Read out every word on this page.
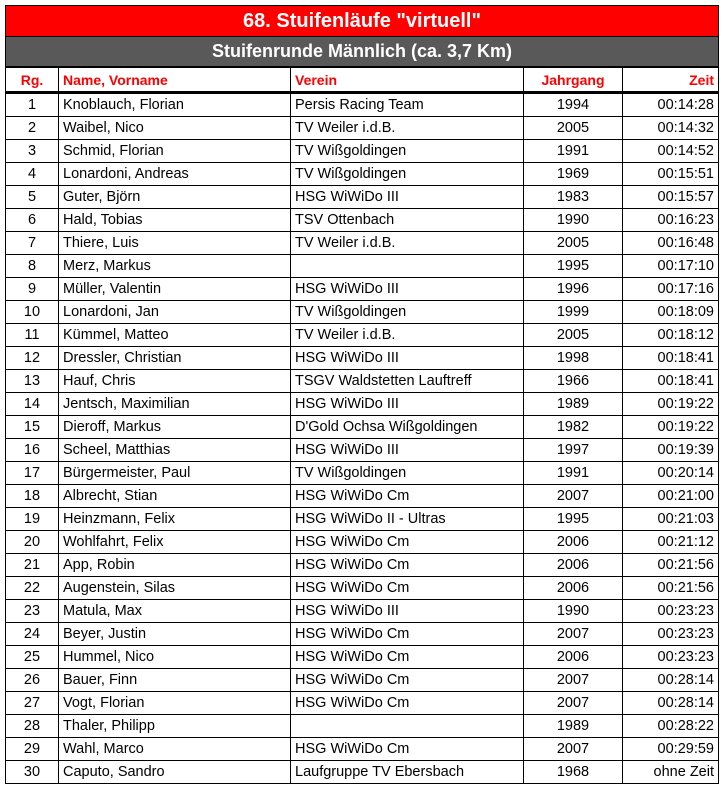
68. Stuifenläufe "virtuell"
Stuifenrunde Männlich (ca. 3,7 Km)
Rg.	Name, Vorname	Verein	Jahrgang	Zeit
1	Knoblauch, Florian	Persis Racing Team	1994	00:14:28
2	Waibel, Nico	TV Weiler i.d.B.	2005	00:14:32
3	Schmid, Florian	TV Wißgoldingen	1991	00:14:52
4	Lonardoni, Andreas	TV Wißgoldingen	1969	00:15:51
5	Guter, Björn	HSG WiWiDo III	1983	00:15:57
6	Hald, Tobias	TSV Ottenbach	1990	00:16:23
7	Thiere, Luis	TV Weiler i.d.B.	2005	00:16:48
8	Merz, Markus		1995	00:17:10
9	Müller, Valentin	HSG WiWiDo III	1996	00:17:16
10	Lonardoni, Jan	TV Wißgoldingen	1999	00:18:09
11	Kümmel, Matteo	TV Weiler i.d.B.	2005	00:18:12
12	Dressler, Christian	HSG WiWiDo III	1998	00:18:41
13	Hauf, Chris	TSGV Waldstetten Lauftreff	1966	00:18:41
14	Jentsch, Maximilian	HSG WiWiDo III	1989	00:19:22
15	Dieroff, Markus	D'Gold Ochsa Wißgoldingen	1982	00:19:22
16	Scheel, Matthias	HSG WiWiDo III	1997	00:19:39
17	Bürgermeister, Paul	TV Wißgoldingen	1991	00:20:14
18	Albrecht, Stian	HSG WiWiDo Cm	2007	00:21:00
19	Heinzmann, Felix	HSG WiWiDo II - Ultras	1995	00:21:03
20	Wohlfahrt, Felix	HSG WiWiDo Cm	2006	00:21:12
21	App, Robin	HSG WiWiDo Cm	2006	00:21:56
22	Augenstein, Silas	HSG WiWiDo Cm	2006	00:21:56
23	Matula, Max	HSG WiWiDo III	1990	00:23:23
24	Beyer, Justin	HSG WiWiDo Cm	2007	00:23:23
25	Hummel, Nico	HSG WiWiDo Cm	2006	00:23:23
26	Bauer, Finn	HSG WiWiDo Cm	2007	00:28:14
27	Vogt, Florian	HSG WiWiDo Cm	2007	00:28:14
28	Thaler, Philipp		1989	00:28:22
29	Wahl, Marco	HSG WiWiDo Cm	2007	00:29:59
30	Caputo, Sandro	Laufgruppe TV Ebersbach	1968	ohne Zeit
